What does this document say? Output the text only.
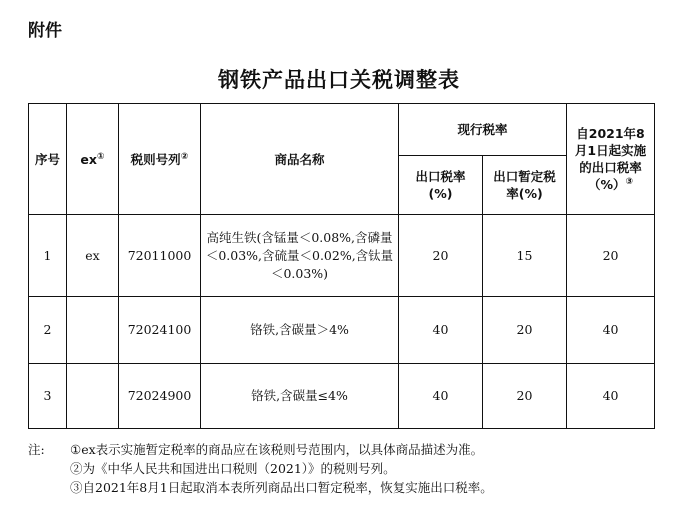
附件
钢铁产品出口关税调整表
序号	ex①	税则号列②	商品名称	现行税率		自2021年8月1日起实施的出口税率（%）③
				出口税率(%)	出口暂定税率(%)	
1	ex	72011000	高纯生铁(含锰量＜0.08%,含磷量＜0.03%,含硫量＜0.02%,含钛量＜0.03%)	20	15	20
2		72024100	铬铁,含碳量＞4%	40	20	40
3		72024900	铬铁,含碳量≤4%	40	20	40
注: ①ex表示实施暂定税率的商品应在该税则号范围内，以具体商品描述为准。
②为《中华人民共和国进出口税则（2021）》的税则号列。
③自2021年8月1日起取消本表所列商品出口暂定税率，恢复实施出口税率。
